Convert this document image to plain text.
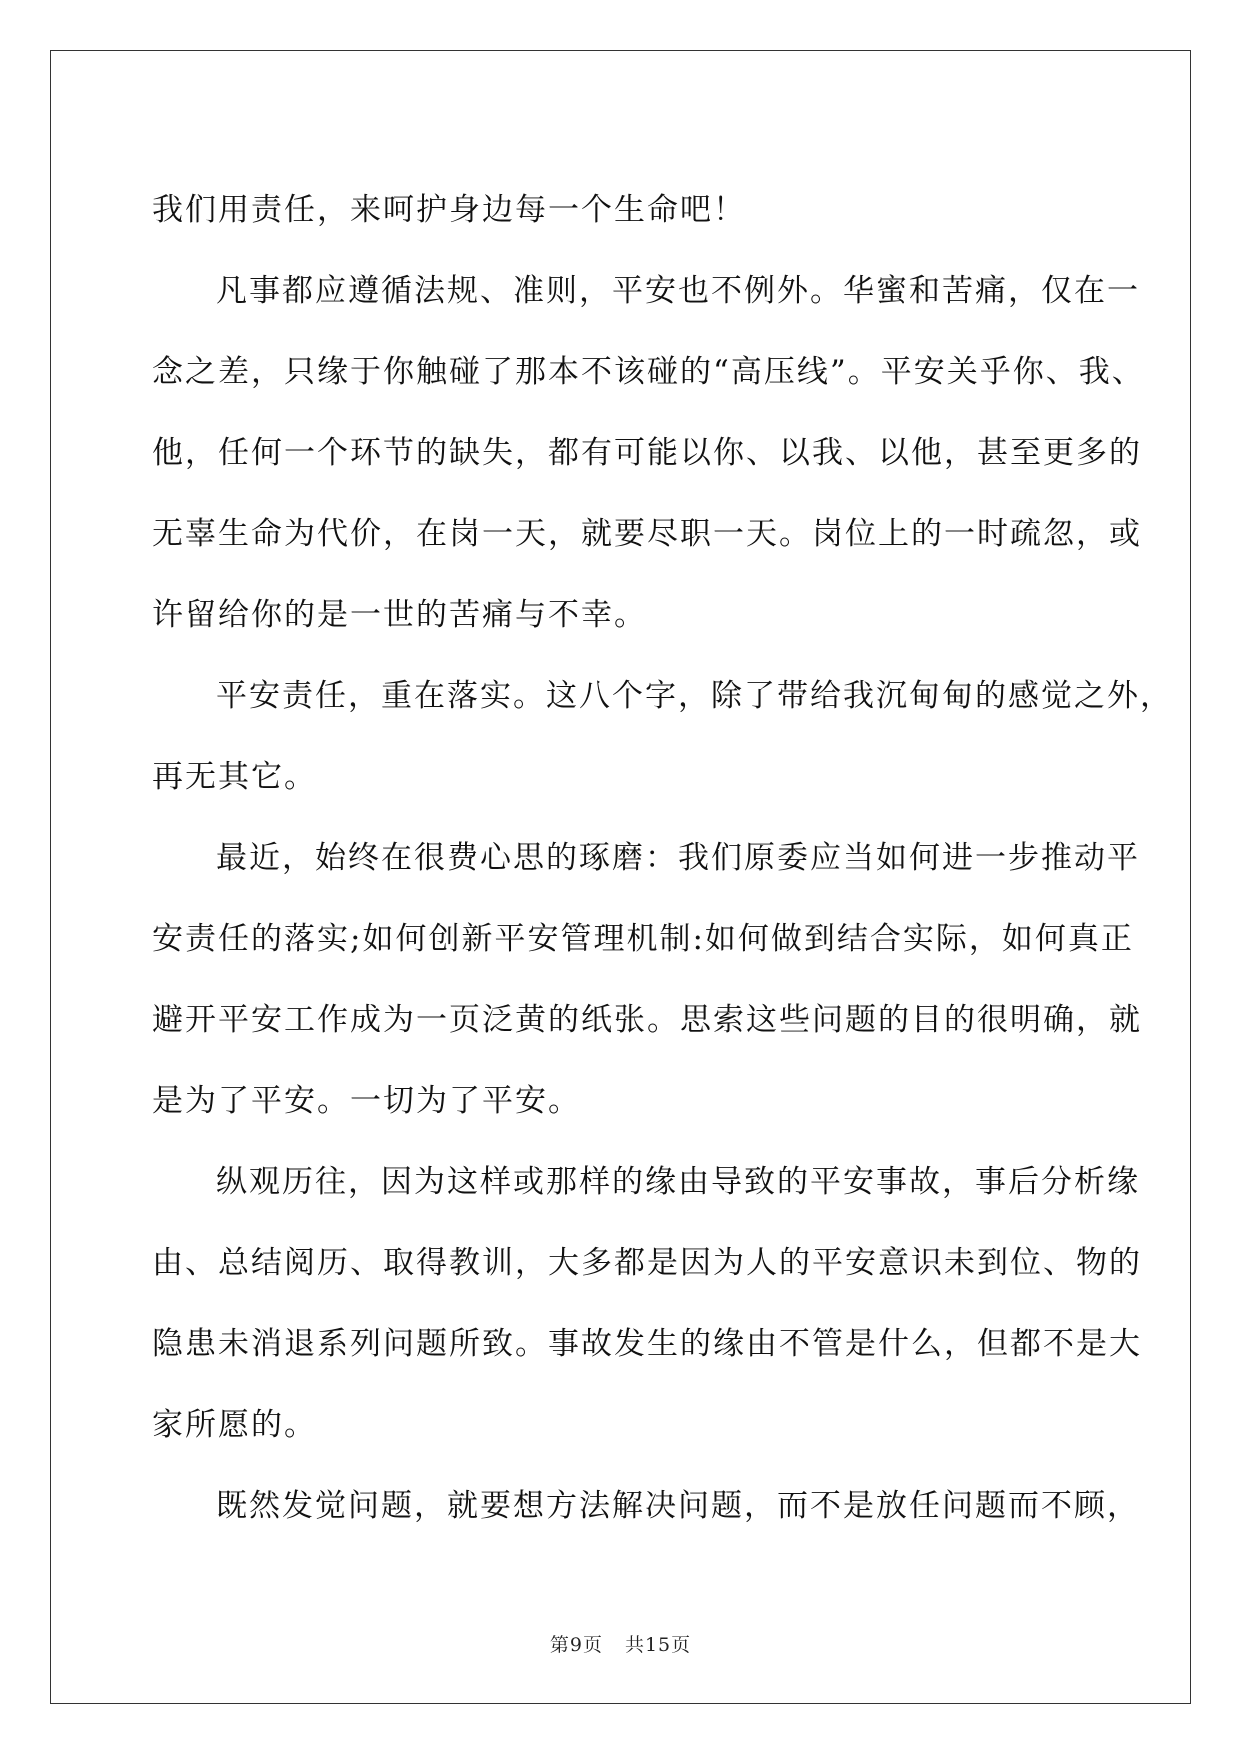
我们用责任，来呵护身边每一个生命吧！
凡事都应遵循法规、准则，平安也不例外。华蜜和苦痛，仅在一
念之差，只缘于你触碰了那本不该碰的“高压线”。平安关乎你、我、
他，任何一个环节的缺失，都有可能以你、以我、以他，甚至更多的
无辜生命为代价，在岗一天，就要尽职一天。岗位上的一时疏忽，或
许留给你的是一世的苦痛与不幸。
平安责任，重在落实。这八个字，除了带给我沉甸甸的感觉之外，
再无其它。
最近，始终在很费心思的琢磨：我们原委应当如何进一步推动平
安责任的落实;如何创新平安管理机制:如何做到结合实际，如何真正
避开平安工作成为一页泛黄的纸张。思索这些问题的目的很明确，就
是为了平安。一切为了平安。
纵观历往，因为这样或那样的缘由导致的平安事故，事后分析缘
由、总结阅历、取得教训，大多都是因为人的平安意识未到位、物的
隐患未消退系列问题所致。事故发生的缘由不管是什么，但都不是大
家所愿的。
既然发觉问题，就要想方法解决问题，而不是放任问题而不顾，
第9页 共15页
